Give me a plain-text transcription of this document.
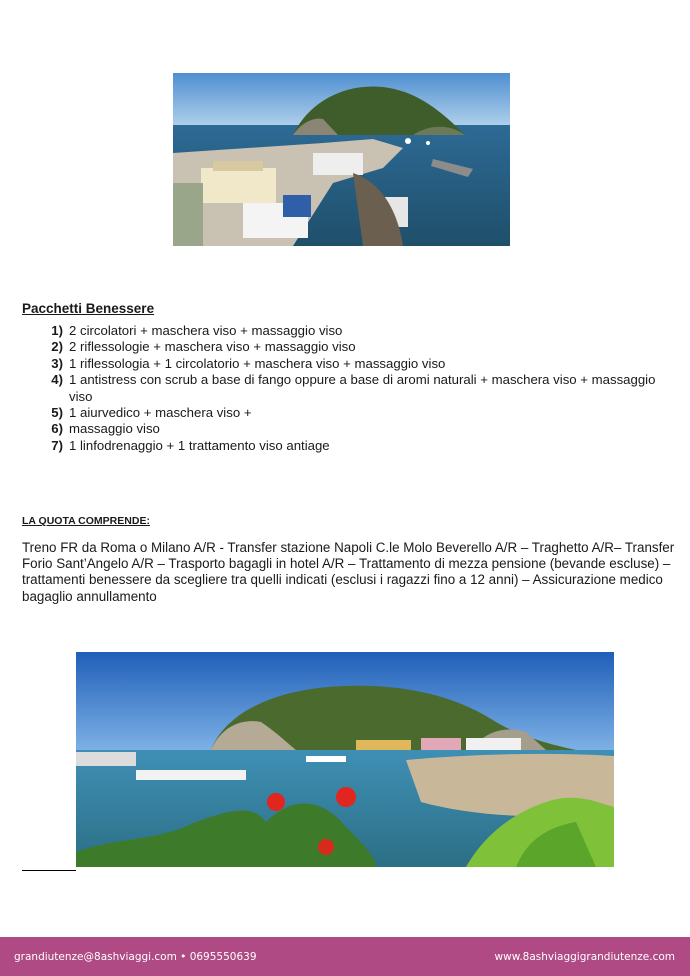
Pacchetti Benessere
1) 2 circolatori + maschera viso + massaggio viso
2) 2 riflessologie + maschera viso + massaggio viso
3) 1 riflessologia + 1 circolatorio + maschera viso + massaggio viso
4) 1 antistress con scrub a base di fango oppure a base di aromi naturali + maschera viso + massaggio viso
5) 1 aiurvedico + maschera viso +
6) massaggio viso
7) 1 linfodrenaggio + 1 trattamento viso antiage
LA QUOTA COMPRENDE:
Treno FR da Roma o Milano A/R - Transfer stazione Napoli C.le Molo Beverello A/R – Traghetto A/R– Transfer Forio Sant’Angelo A/R – Trasporto bagagli in hotel A/R – Trattamento di mezza pensione (bevande escluse) – trattamenti benessere da scegliere tra quelli indicati (esclusi i ragazzi fino a 12 anni) – Assicurazione medico bagaglio annullamento
grandiutenze@8ashviaggi.com • 0695550639	www.8ashviaggigrandiutenze.com
